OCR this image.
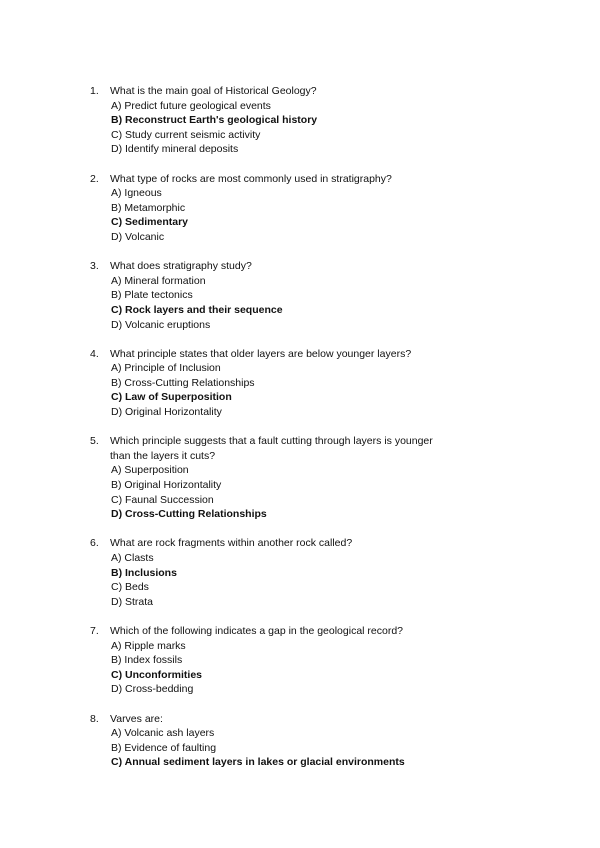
1.	What is the main goal of Historical Geology?
A) Predict future geological events
B) Reconstruct Earth's geological history
C) Study current seismic activity
D) Identify mineral deposits
2.	What type of rocks are most commonly used in stratigraphy?
A) Igneous
B) Metamorphic
C) Sedimentary
D) Volcanic
3.	What does stratigraphy study?
A) Mineral formation
B) Plate tectonics
C) Rock layers and their sequence
D) Volcanic eruptions
4.	What principle states that older layers are below younger layers?
A) Principle of Inclusion
B) Cross-Cutting Relationships
C) Law of Superposition
D) Original Horizontality
5.	Which principle suggests that a fault cutting through layers is younger than the layers it cuts?
A) Superposition
B) Original Horizontality
C) Faunal Succession
D) Cross-Cutting Relationships
6.	What are rock fragments within another rock called?
A) Clasts
B) Inclusions
C) Beds
D) Strata
7.	Which of the following indicates a gap in the geological record?
A) Ripple marks
B) Index fossils
C) Unconformities
D) Cross-bedding
8.	Varves are:
A) Volcanic ash layers
B) Evidence of faulting
C) Annual sediment layers in lakes or glacial environments
